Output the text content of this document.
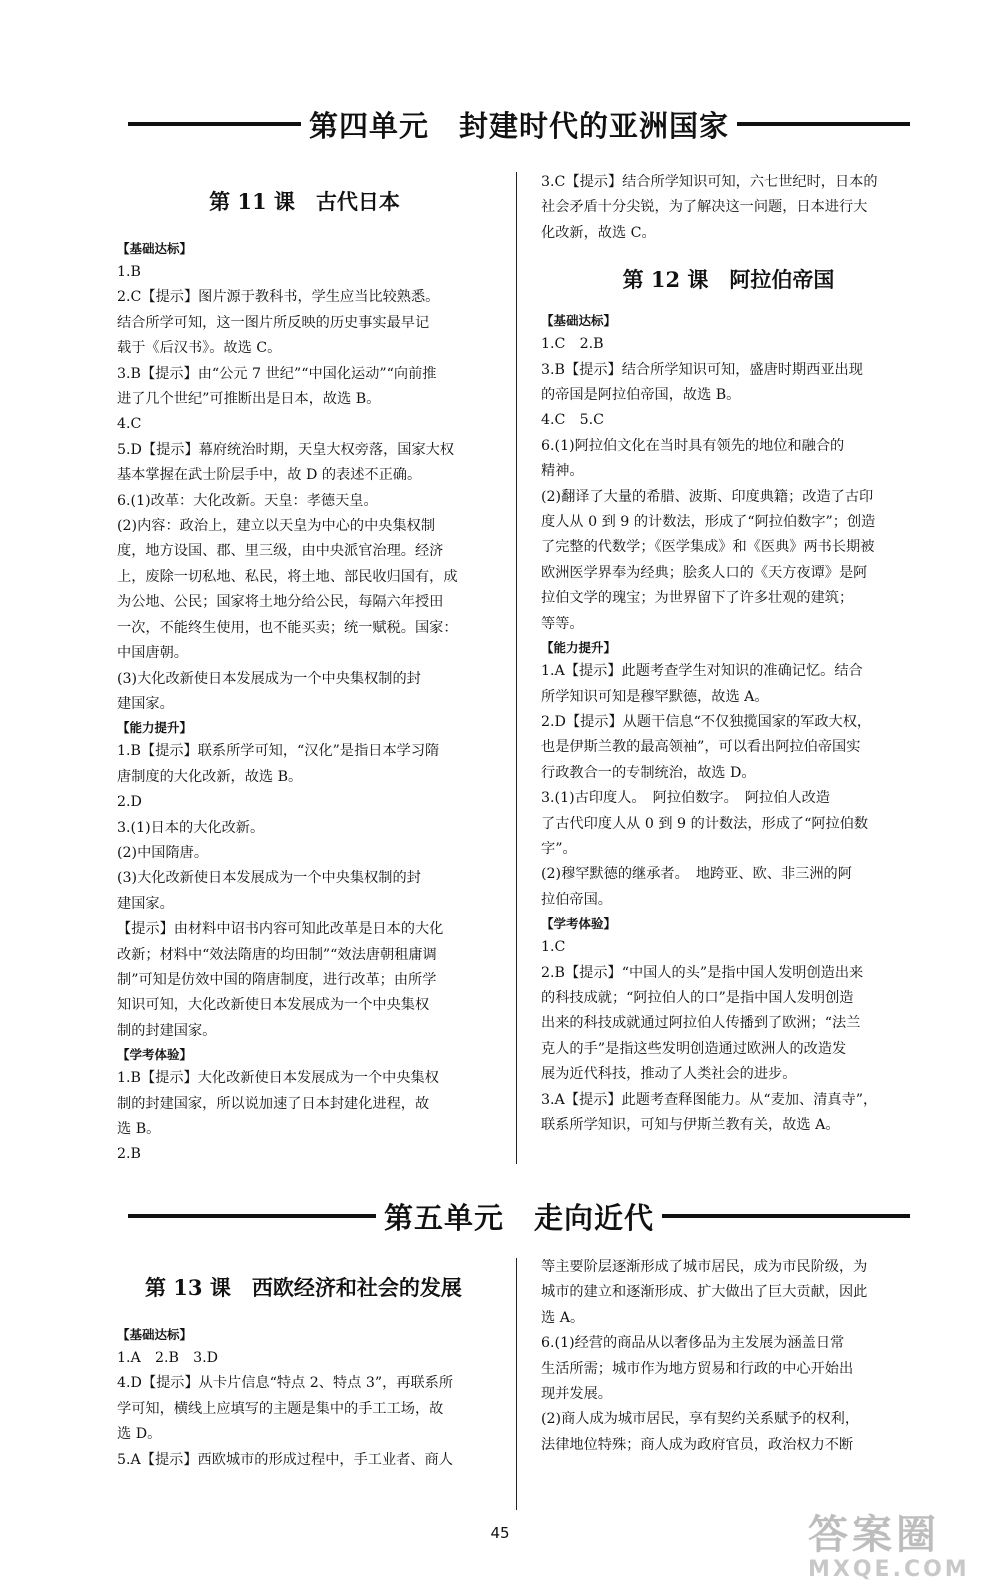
第四单元　封建时代的亚洲国家
第 11 课　古代日本
【基础达标】
1.B
2.C【提示】图片源于教科书，学生应当比较熟悉。
结合所学可知，这一图片所反映的历史事实最早记
载于《后汉书》。故选 C。
3.B【提示】由“公元 7 世纪”“中国化运动”“向前推
进了几个世纪”可推断出是日本，故选 B。
4.C
5.D【提示】幕府统治时期，天皇大权旁落，国家大权
基本掌握在武士阶层手中，故 D 的表述不正确。
6.(1)改革：大化改新。天皇：孝德天皇。
(2)内容：政治上，建立以天皇为中心的中央集权制
度，地方设国、郡、里三级，由中央派官治理。经济
上，废除一切私地、私民，将土地、部民收归国有，成
为公地、公民；国家将土地分给公民，每隔六年授田
一次，不能终生使用，也不能买卖；统一赋税。国家：
中国唐朝。
(3)大化改新使日本发展成为一个中央集权制的封
建国家。
【能力提升】
1.B【提示】联系所学可知，“汉化”是指日本学习隋
唐制度的大化改新，故选 B。
2.D
3.(1)日本的大化改新。
(2)中国隋唐。
(3)大化改新使日本发展成为一个中央集权制的封
建国家。
【提示】由材料中诏书内容可知此改革是日本的大化
改新；材料中“效法隋唐的均田制”“效法唐朝租庸调
制”可知是仿效中国的隋唐制度，进行改革；由所学
知识可知，大化改新使日本发展成为一个中央集权
制的封建国家。
【学考体验】
1.B【提示】大化改新使日本发展成为一个中央集权
制的封建国家，所以说加速了日本封建化进程，故
选 B。
2.B
3.C【提示】结合所学知识可知，六七世纪时，日本的
社会矛盾十分尖锐，为了解决这一问题，日本进行大
化改新，故选 C。
第 12 课　阿拉伯帝国
【基础达标】
1.C　2.B
3.B【提示】结合所学知识可知，盛唐时期西亚出现
的帝国是阿拉伯帝国，故选 B。
4.C　5.C
6.(1)阿拉伯文化在当时具有领先的地位和融合的
精神。
(2)翻译了大量的希腊、波斯、印度典籍；改造了古印
度人从 0 到 9 的计数法，形成了“阿拉伯数字”；创造
了完整的代数学；《医学集成》和《医典》两书长期被
欧洲医学界奉为经典；脍炙人口的《天方夜谭》是阿
拉伯文学的瑰宝；为世界留下了许多壮观的建筑；
等等。
【能力提升】
1.A【提示】此题考查学生对知识的准确记忆。结合
所学知识可知是穆罕默德，故选 A。
2.D【提示】从题干信息“不仅独揽国家的军政大权，
也是伊斯兰教的最高领袖”，可以看出阿拉伯帝国实
行政教合一的专制统治，故选 D。
3.(1)古印度人。　阿拉伯数字。　阿拉伯人改造
了古代印度人从 0 到 9 的计数法，形成了“阿拉伯数
字”。
(2)穆罕默德的继承者。　地跨亚、欧、非三洲的阿
拉伯帝国。
【学考体验】
1.C
2.B【提示】“中国人的头”是指中国人发明创造出来
的科技成就；“阿拉伯人的口”是指中国人发明创造
出来的科技成就通过阿拉伯人传播到了欧洲；“法兰
克人的手”是指这些发明创造通过欧洲人的改造发
展为近代科技，推动了人类社会的进步。
3.A【提示】此题考查释图能力。从“麦加、清真寺”，
联系所学知识，可知与伊斯兰教有关，故选 A。
第五单元　走向近代
第 13 课　西欧经济和社会的发展
【基础达标】
1.A　2.B　3.D
4.D【提示】从卡片信息“特点 2、特点 3”，再联系所
学可知，横线上应填写的主题是集中的手工工场，故
选 D。
5.A【提示】西欧城市的形成过程中，手工业者、商人
等主要阶层逐渐形成了城市居民，成为市民阶级，为
城市的建立和逐渐形成、扩大做出了巨大贡献，因此
选 A。
6.(1)经营的商品从以奢侈品为主发展为涵盖日常
生活所需；城市作为地方贸易和行政的中心开始出
现并发展。
(2)商人成为城市居民，享有契约关系赋予的权利，
法律地位特殊；商人成为政府官员，政治权力不断
45	答案圈
MXQE.COM
